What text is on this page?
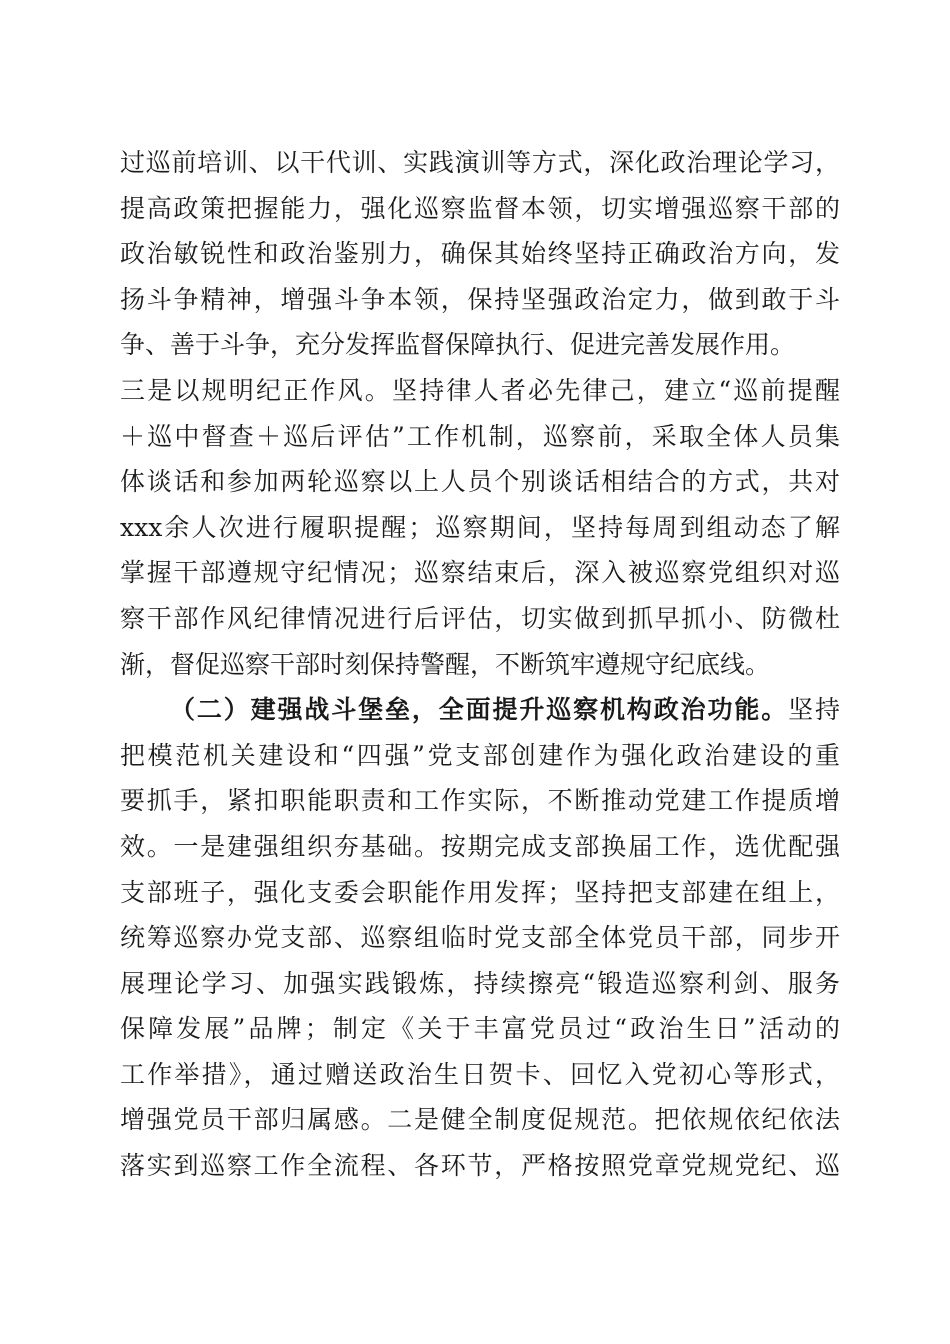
过巡前培训、以干代训、实践演训等方式，深化政治理论学习，
提高政策把握能力，强化巡察监督本领，切实增强巡察干部的
政治敏锐性和政治鉴别力，确保其始终坚持正确政治方向，发
扬斗争精神，增强斗争本领，保持坚强政治定力，做到敢于斗
争、善于斗争，充分发挥监督保障执行、促进完善发展作用。
三是以规明纪正作风。坚持律人者必先律己，建立“巡前提醒
＋巡中督查＋巡后评估”工作机制，巡察前，采取全体人员集
体谈话和参加两轮巡察以上人员个别谈话相结合的方式，共对
xxx余人次进行履职提醒；巡察期间，坚持每周到组动态了解
掌握干部遵规守纪情况；巡察结束后，深入被巡察党组织对巡
察干部作风纪律情况进行后评估，切实做到抓早抓小、防微杜
渐，督促巡察干部时刻保持警醒，不断筑牢遵规守纪底线。
（二）建强战斗堡垒，全面提升巡察机构政治功能。坚持
把模范机关建设和“四强”党支部创建作为强化政治建设的重
要抓手，紧扣职能职责和工作实际，不断推动党建工作提质增
效。一是建强组织夯基础。按期完成支部换届工作，选优配强
支部班子，强化支委会职能作用发挥；坚持把支部建在组上，
统筹巡察办党支部、巡察组临时党支部全体党员干部，同步开
展理论学习、加强实践锻炼，持续擦亮“锻造巡察利剑、服务
保障发展”品牌；制定《关于丰富党员过“政治生日”活动的
工作举措》，通过赠送政治生日贺卡、回忆入党初心等形式，
增强党员干部归属感。二是健全制度促规范。把依规依纪依法
落实到巡察工作全流程、各环节，严格按照党章党规党纪、巡
